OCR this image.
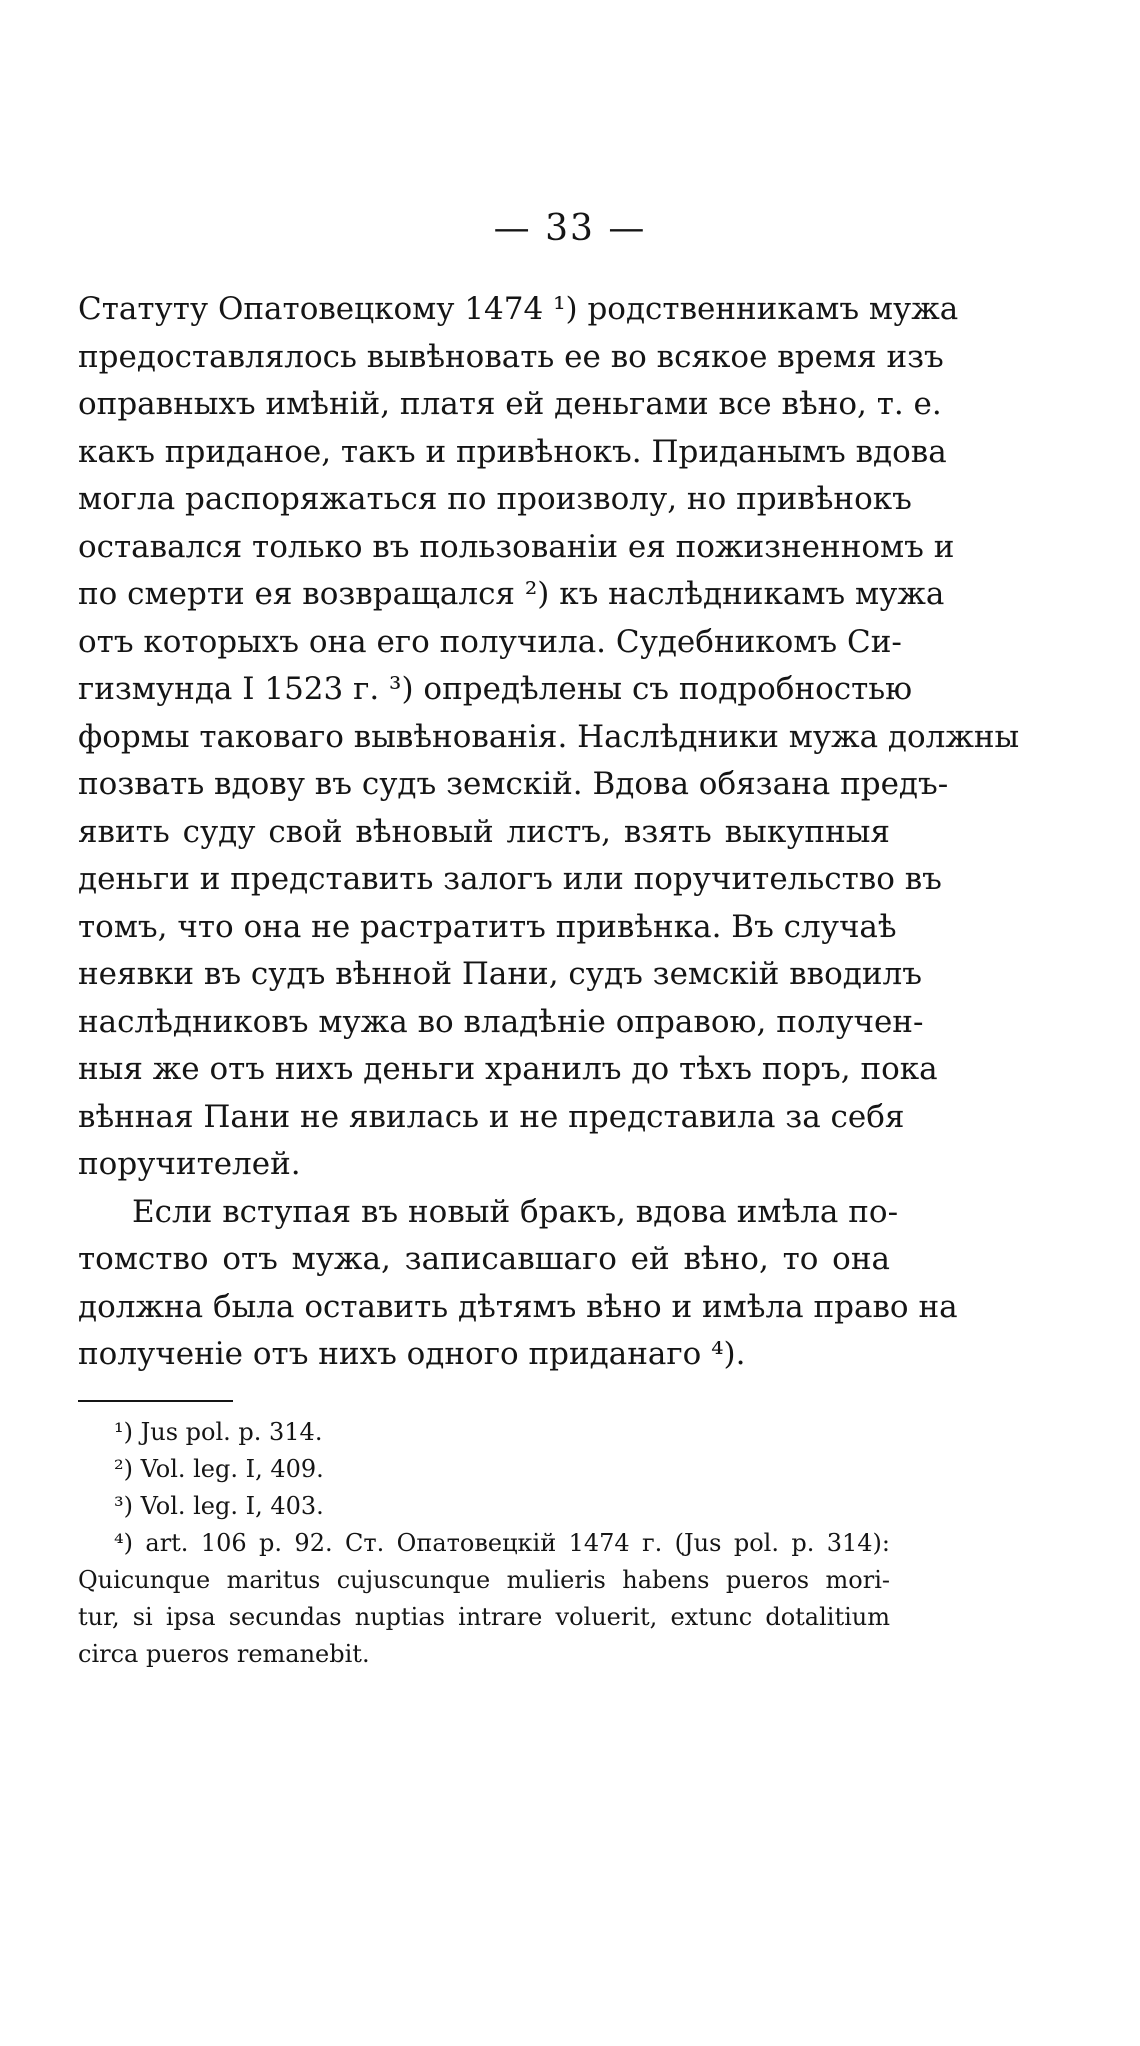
— 33 —
Статуту Опатовецкому 1474 ¹) родственникамъ мужа
предоставлялось вывѣновать ее во всякое время изъ
оправныхъ имѣній, платя ей деньгами все вѣно, т. е.
какъ приданое, такъ и привѣнокъ. Приданымъ вдова
могла распоряжаться по произволу, но привѣнокъ
оставался только въ пользованіи ея пожизненномъ и
по смерти ея возвращался ²) къ наслѣдникамъ мужа
отъ которыхъ она его получила. Судебникомъ Си-
гизмунда I 1523 г. ³) опредѣлены съ подробностью
формы таковаго вывѣнованія. Наслѣдники мужа должны
позвать вдову въ судъ земскій. Вдова обязана предъ-
явить суду свой вѣновый листъ, взять выкупныя
деньги и представить залогъ или поручительство въ
томъ, что она не растратитъ привѣнка. Въ случаѣ
неявки въ судъ вѣнной Пани, судъ земскій вводилъ
наслѣдниковъ мужа во владѣніе оправою, получен-
ныя же отъ нихъ деньги хранилъ до тѣхъ поръ, пока
вѣнная Пани не явилась и не представила за себя
поручителей.
Если вступая въ новый бракъ, вдова имѣла по-
томство отъ мужа, записавшаго ей вѣно, то она
должна была оставить дѣтямъ вѣно и имѣла право на
полученіе отъ нихъ одного приданаго ⁴).
¹) Jus pol. p. 314.
²) Vol. leg. I, 409.
³) Vol. leg. I, 403.
⁴) art. 106 p. 92. Ст. Опатовецкій 1474 г. (Jus pol. p. 314):
Quicunque maritus cujuscunque mulieris habens pueros mori-
tur, si ipsa secundas nuptias intrare voluerit, extunc dotalitium
circa pueros remanebit.
